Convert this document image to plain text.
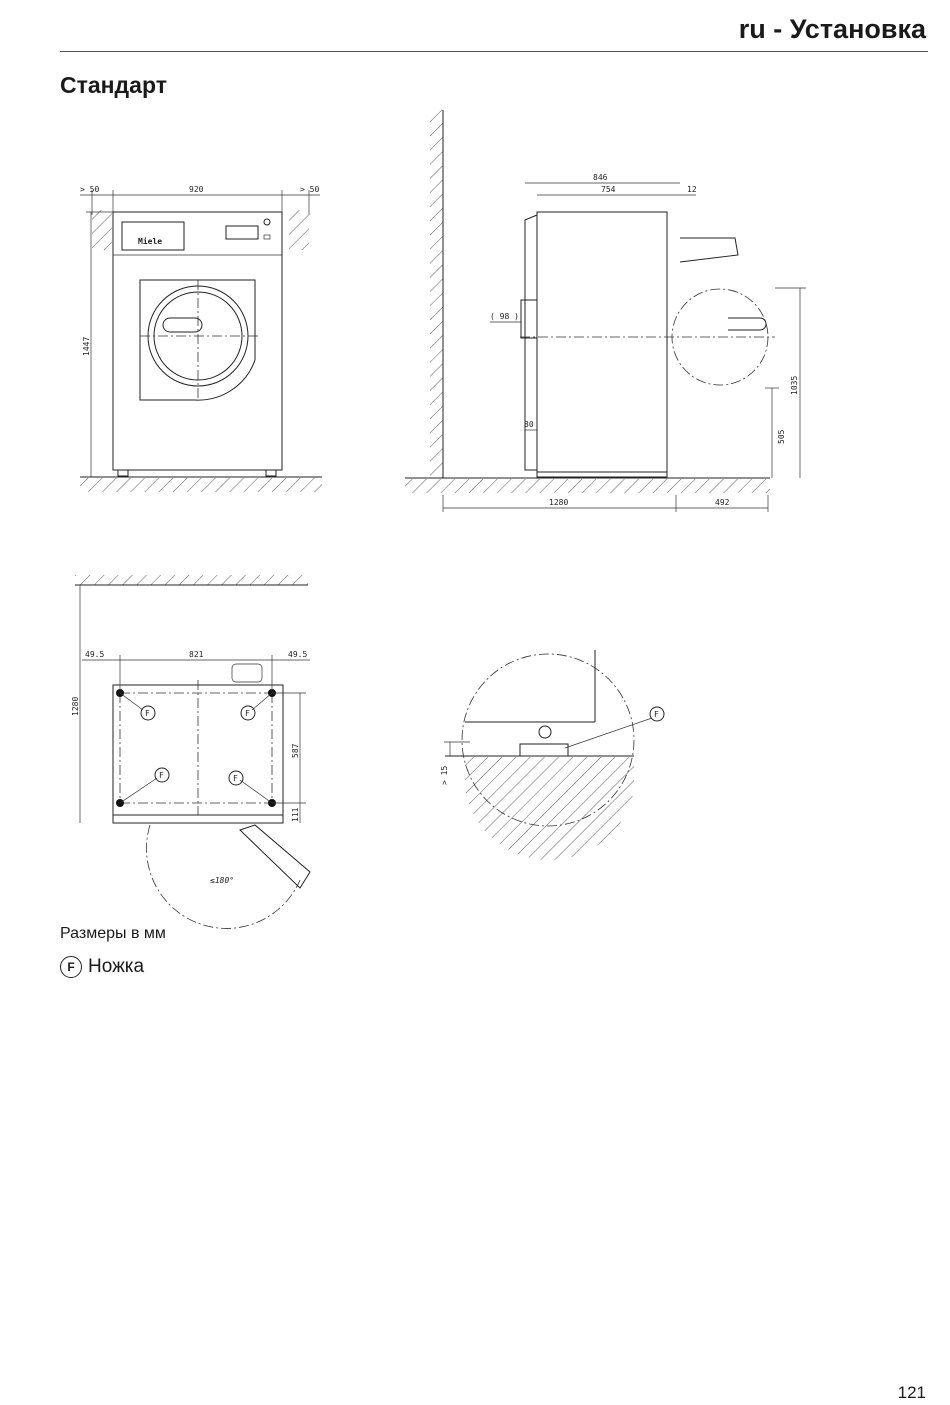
ru - Установка
Стандарт
Miele
> 50	920	> 50
1447
846
754	12
( 98 )
80
1035
505
1280	492
F	F
F	F
≤180°
49.5	821	49.5
1280
587
111
F
> 15
Размеры в мм
F Ножка
121
